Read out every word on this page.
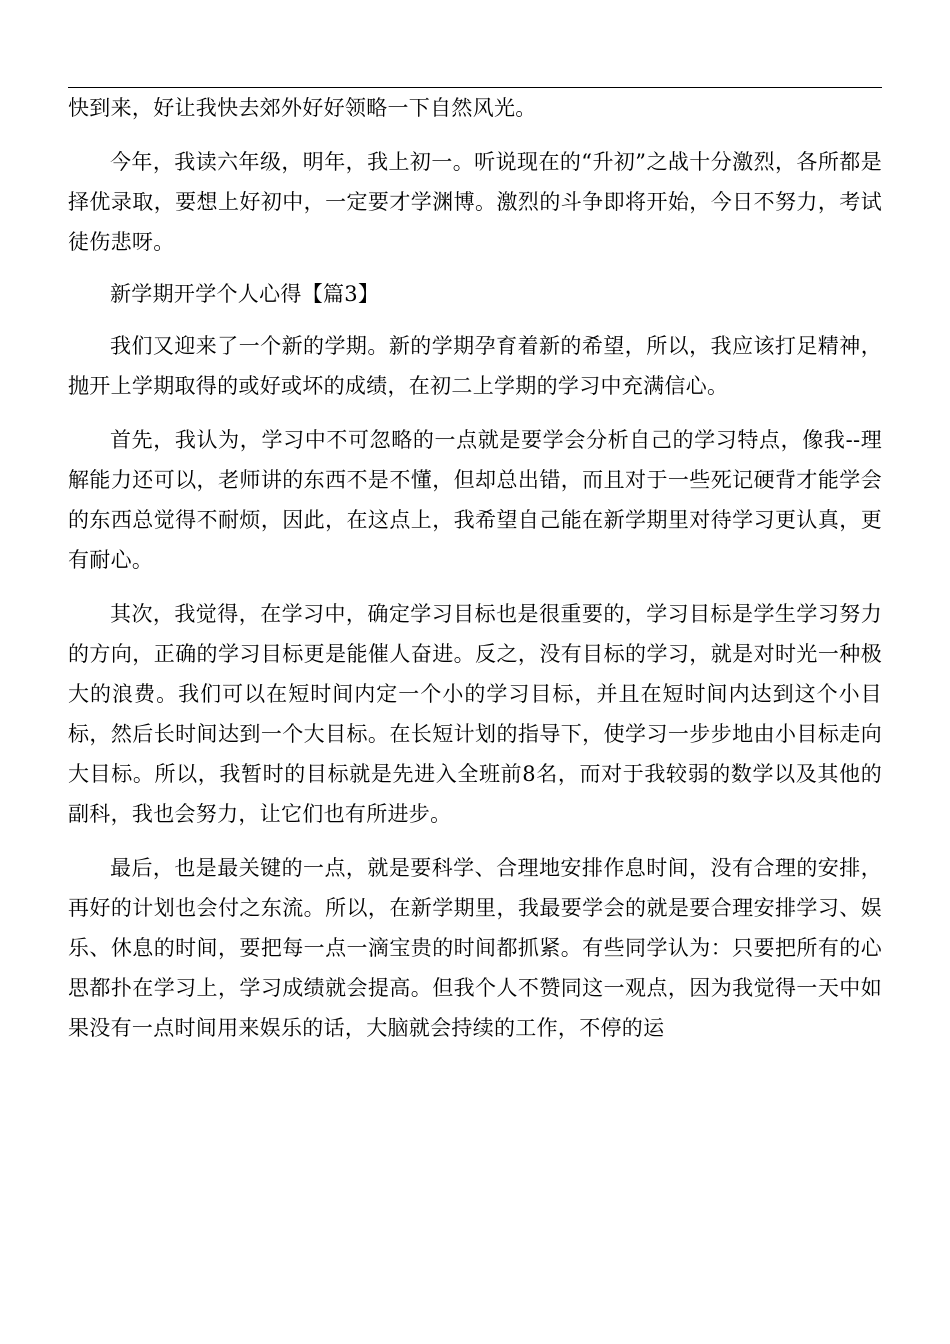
快到来，好让我快去郊外好好领略一下自然风光。

今年，我读六年级，明年，我上初一。听说现在的“升初”之战十分激烈，各所都是择优录取，要想上好初中，一定要才学渊博。激烈的斗争即将开始，今日不努力，考试徒伤悲呀。

新学期开学个人心得【篇3】

我们又迎来了一个新的学期。新的学期孕育着新的希望，所以，我应该打足精神，抛开上学期取得的或好或坏的成绩，在初二上学期的学习中充满信心。

首先，我认为，学习中不可忽略的一点就是要学会分析自己的学习特点，像我--理解能力还可以，老师讲的东西不是不懂，但却总出错，而且对于一些死记硬背才能学会的东西总觉得不耐烦，因此，在这点上，我希望自己能在新学期里对待学习更认真，更有耐心。

其次，我觉得，在学习中，确定学习目标也是很重要的，学习目标是学生学习努力的方向，正确的学习目标更是能催人奋进。反之，没有目标的学习，就是对时光一种极大的浪费。我们可以在短时间内定一个小的学习目标，并且在短时间内达到这个小目标，然后长时间达到一个大目标。在长短计划的指导下，使学习一步步地由小目标走向大目标。所以，我暂时的目标就是先进入全班前8名，而对于我较弱的数学以及其他的副科，我也会努力，让它们也有所进步。

最后，也是最关键的一点，就是要科学、合理地安排作息时间，没有合理的安排，再好的计划也会付之东流。所以，在新学期里，我最要学会的就是要合理安排学习、娱乐、休息的时间，要把每一点一滴宝贵的时间都抓紧。有些同学认为：只要把所有的心思都扑在学习上，学习成绩就会提高。但我个人不赞同这一观点，因为我觉得一天中如果没有一点时间用来娱乐的话，大脑就会持续的工作，不停的运
